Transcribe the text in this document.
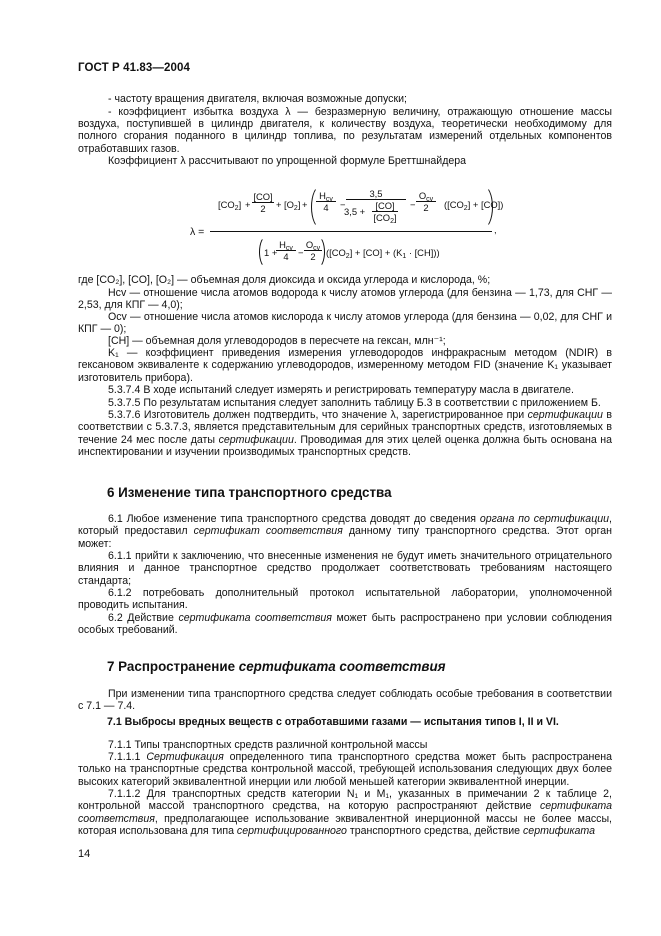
ГОСТ Р 41.83—2004
- частоту вращения двигателя, включая возможные допуски;
- коэффициент избытка воздуха λ — безразмерную величину, отражающую отношение массы воздуха, поступившей в цилиндр двигателя, к количеству воздуха, теоретически необходимому для полного сгорания поданного в цилиндр топлива, по результатам измерений отдельных компонентов отработавших газов.
Коэффициент λ рассчитывают по упрощенной формуле Бреттшнайдера
λ =
$[CO_2] + \frac{[CO]}{2} + [O_2]$ +
$H_{cv}$
4	− 3,5
3,5 +
[CO]
$[CO_2]$ −
$O_{cv}$
2	$([CO_2] + [CO])$
,
1 +
$H_{cv}$
4 −
$O_{cv}$
2	$([CO_2] + [CO] + (K_1 \cdot [CH]))$
где [CO₂], [CO], [O₂] — объемная доля диоксида и оксида углерода и кислорода, %;
Hcv — отношение числа атомов водорода к числу атомов углерода (для бензина — 1,73, для СНГ — 2,53, для КПГ — 4,0);
Ocv — отношение числа атомов кислорода к числу атомов углерода (для бензина — 0,02, для СНГ и КПГ — 0);
[CH] — объемная доля углеводородов в пересчете на гексан, млн⁻¹;
K₁ — коэффициент приведения измерения углеводородов инфракрасным методом (NDIR) в гексановом эквиваленте к содержанию углеводородов, измеренному методом FID (значение K₁ указывает изготовитель прибора).
5.3.7.4 В ходе испытаний следует измерять и регистрировать температуру масла в двигателе.
5.3.7.5 По результатам испытания следует заполнить таблицу Б.3 в соответствии с приложением Б.
5.3.7.6 Изготовитель должен подтвердить, что значение λ, зарегистрированное при сертификации в соответствии с 5.3.7.3, является представительным для серийных транспортных средств, изготовляемых в течение 24 мес после даты сертификации. Проводимая для этих целей оценка должна быть основана на инспектировании и изучении производимых транспортных средств.
6 Изменение типа транспортного средства
6.1 Любое изменение типа транспортного средства доводят до сведения органа по сертификации, который предоставил сертификат соответствия данному типу транспортного средства. Этот орган может:
6.1.1 прийти к заключению, что внесенные изменения не будут иметь значительного отрицательного влияния и данное транспортное средство продолжает соответствовать требованиям настоящего стандарта;
6.1.2 потребовать дополнительный протокол испытательной лаборатории, уполномоченной проводить испытания.
6.2 Действие сертификата соответствия может быть распространено при условии соблюдения особых требований.
7 Распространение сертификата соответствия
При изменении типа транспортного средства следует соблюдать особые требования в соответствии с 7.1 — 7.4.
7.1 Выбросы вредных веществ с отработавшими газами — испытания типов I, II и VI.
7.1.1 Типы транспортных средств различной контрольной массы
7.1.1.1 Сертификация определенного типа транспортного средства может быть распространена только на транспортные средства контрольной массой, требующей использования следующих двух более высоких категорий эквивалентной инерции или любой меньшей категории эквивалентной инерции.
7.1.1.2 Для транспортных средств категории N₁ и M₁, указанных в примечании 2 к таблице 2, контрольной массой транспортного средства, на которую распространяют действие сертификата соответствия, предполагающее использование эквивалентной инерционной массы не более массы, которая использована для типа сертифицированного транспортного средства, действие сертификата
14
